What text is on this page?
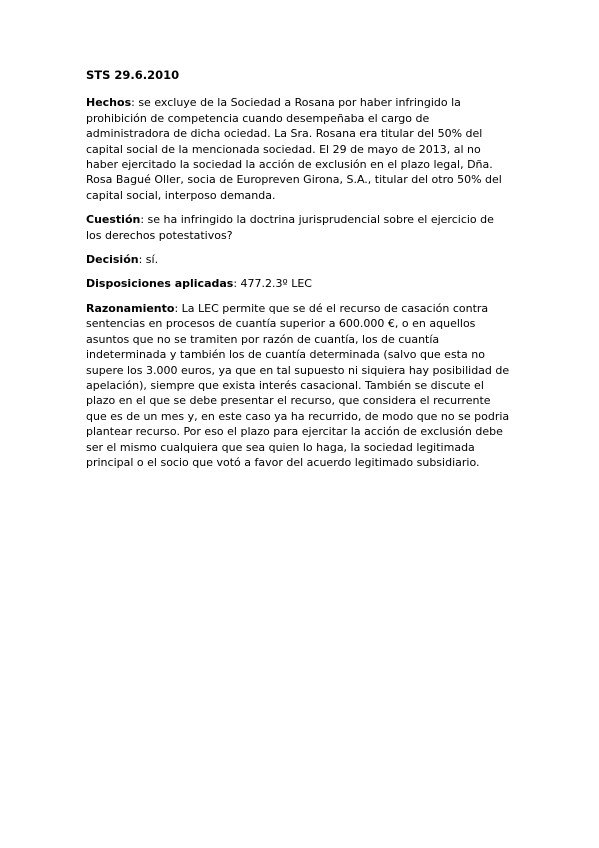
STS 29.6.2010

Hechos: se excluye de la Sociedad a Rosana por haber infringido la
prohibición de competencia cuando desempeñaba el cargo de
administradora de dicha ociedad. La Sra. Rosana era titular del 50% del
capital social de la mencionada sociedad. El 29 de mayo de 2013, al no
haber ejercitado la sociedad la acción de exclusión en el plazo legal, Dña.
Rosa Bagué Oller, socia de Europreven Girona, S.A., titular del otro 50% del
capital social, interposo demanda.

Cuestión: se ha infringido la doctrina jurisprudencial sobre el ejercicio de
los derechos potestativos?

Decisión: sí.

Disposiciones aplicadas: 477.2.3º LEC

Razonamiento: La LEC permite que se dé el recurso de casación contra
sentencias en procesos de cuantía superior a 600.000 €, o en aquellos
asuntos que no se tramiten por razón de cuantía, los de cuantía
indeterminada y también los de cuantía determinada (salvo que esta no
supere los 3.000 euros, ya que en tal supuesto ni siquiera hay posibilidad de
apelación), siempre que exista interés casacional. También se discute el
plazo en el que se debe presentar el recurso, que considera el recurrente
que es de un mes y, en este caso ya ha recurrido, de modo que no se podria
plantear recurso. Por eso el plazo para ejercitar la acción de exclusión debe
ser el mismo cualquiera que sea quien lo haga, la sociedad legitimada
principal o el socio que votó a favor del acuerdo legitimado subsidiario.
